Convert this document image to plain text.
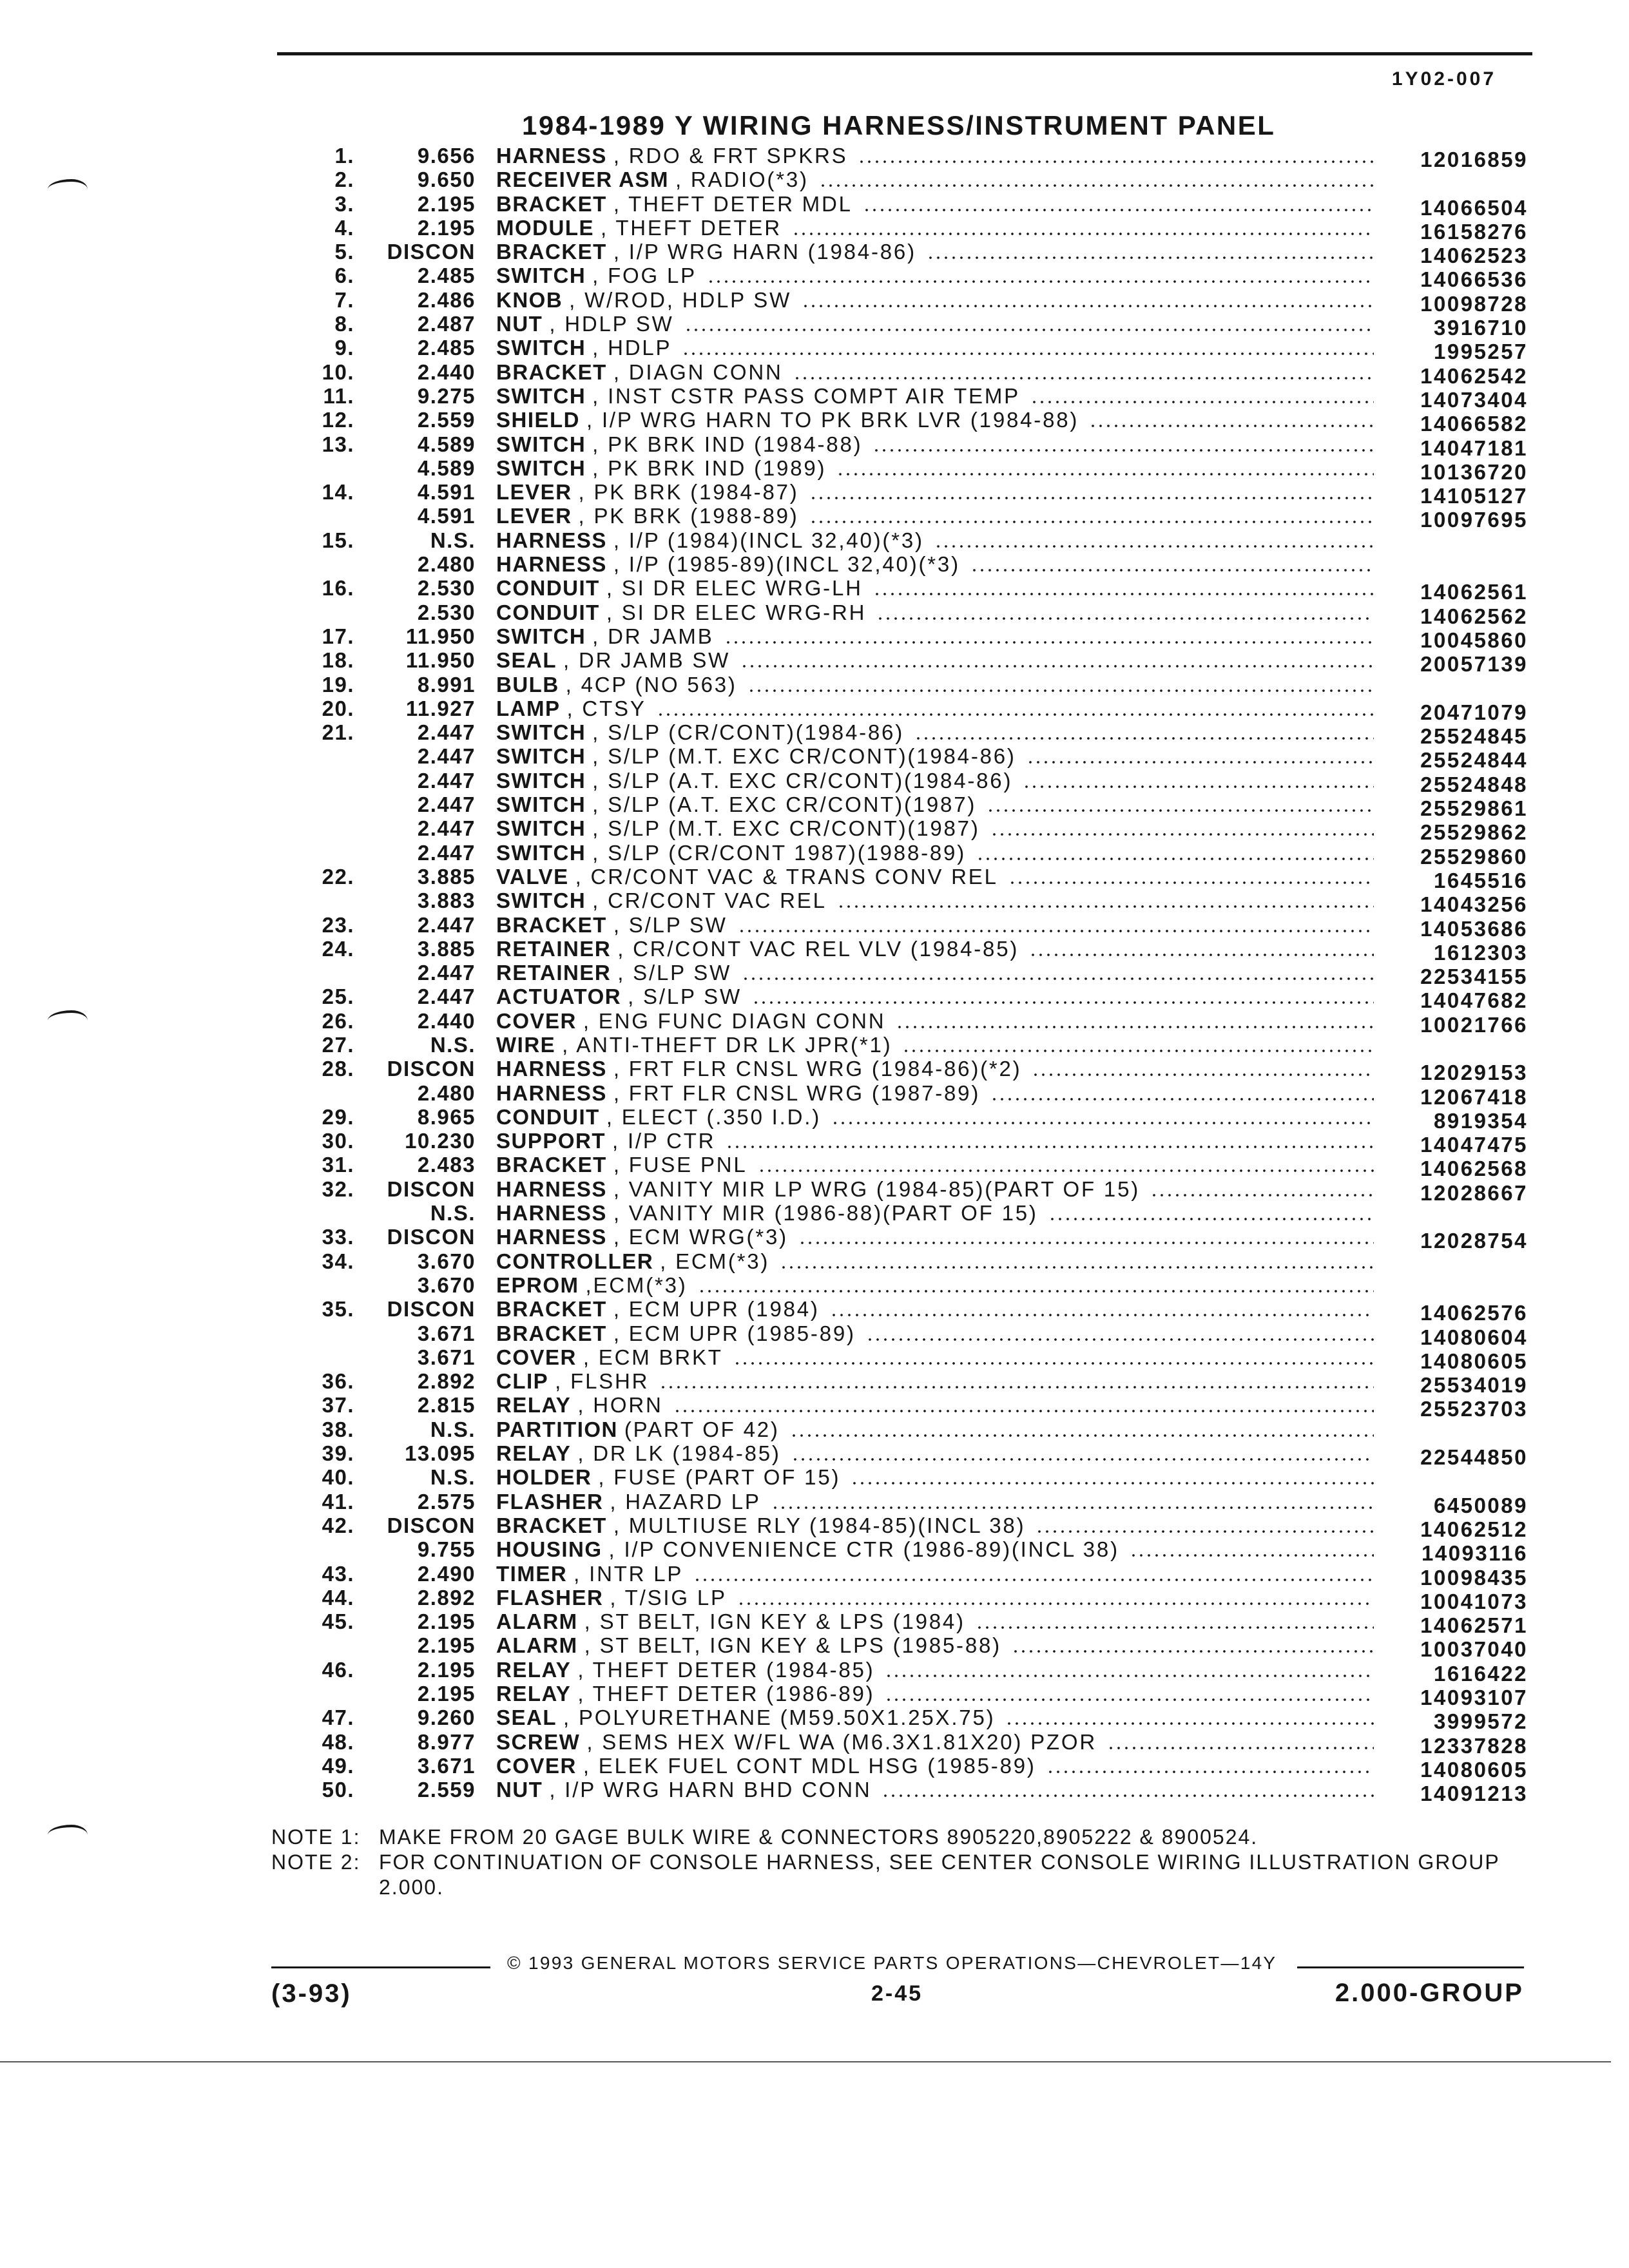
1Y02-007
1984-1989 Y WIRING HARNESS/INSTRUMENT PANEL
1.	9.656 HARNESS , RDO & FRT SPKRS	12016859
2.	9.650 RECEIVER ASM , RADIO(*3)
3.	2.195 BRACKET , THEFT DETER MDL	14066504
4.	2.195 MODULE , THEFT DETER	16158276
5.	DISCON BRACKET , I/P WRG HARN (1984-86)	14062523
6.	2.485 SWITCH , FOG LP	14066536
7.	2.486 KNOB , W/ROD, HDLP SW	10098728
8.	2.487 NUT , HDLP SW	3916710
9.	2.485 SWITCH , HDLP	1995257
10.	2.440 BRACKET , DIAGN CONN	14062542
11.	9.275 SWITCH , INST CSTR PASS COMPT AIR TEMP	14073404
12.	2.559 SHIELD , I/P WRG HARN TO PK BRK LVR (1984-88)	14066582
13.	4.589 SWITCH , PK BRK IND (1984-88)	14047181
4.589 SWITCH , PK BRK IND (1989)	10136720
14.	4.591 LEVER , PK BRK (1984-87)	14105127
4.591 LEVER , PK BRK (1988-89)	10097695
15.	N.S. HARNESS , I/P (1984)(INCL 32,40)(*3)
2.480 HARNESS , I/P (1985-89)(INCL 32,40)(*3)
16.	2.530 CONDUIT , SI DR ELEC WRG-LH	14062561
2.530 CONDUIT , SI DR ELEC WRG-RH	14062562
17.	11.950 SWITCH , DR JAMB	10045860
18.	11.950 SEAL , DR JAMB SW	20057139
19.	8.991 BULB , 4CP (NO 563)
20.	11.927 LAMP , CTSY	20471079
21.	2.447 SWITCH , S/LP (CR/CONT)(1984-86)	25524845
2.447 SWITCH , S/LP (M.T. EXC CR/CONT)(1984-86)	25524844
2.447 SWITCH , S/LP (A.T. EXC CR/CONT)(1984-86)	25524848
2.447 SWITCH , S/LP (A.T. EXC CR/CONT)(1987)	25529861
2.447 SWITCH , S/LP (M.T. EXC CR/CONT)(1987)	25529862
2.447 SWITCH , S/LP (CR/CONT 1987)(1988-89)	25529860
22.	3.885 VALVE , CR/CONT VAC & TRANS CONV REL	1645516
3.883 SWITCH , CR/CONT VAC REL	14043256
23.	2.447 BRACKET , S/LP SW	14053686
24.	3.885 RETAINER , CR/CONT VAC REL VLV (1984-85)	1612303
2.447 RETAINER , S/LP SW	22534155
25.	2.447 ACTUATOR , S/LP SW	14047682
26.	2.440 COVER , ENG FUNC DIAGN CONN	10021766
27.	N.S. WIRE , ANTI-THEFT DR LK JPR(*1)
28.	DISCON HARNESS , FRT FLR CNSL WRG (1984-86)(*2)	12029153
2.480 HARNESS , FRT FLR CNSL WRG (1987-89)	12067418
29.	8.965 CONDUIT , ELECT (.350 I.D.)	8919354
30.	10.230 SUPPORT , I/P CTR	14047475
31.	2.483 BRACKET , FUSE PNL	14062568
32.	DISCON HARNESS , VANITY MIR LP WRG (1984-85)(PART OF 15)	12028667
N.S. HARNESS , VANITY MIR (1986-88)(PART OF 15)
33.	DISCON HARNESS , ECM WRG(*3)	12028754
34.	3.670 CONTROLLER , ECM(*3)
3.670 EPROM ,ECM(*3)
35.	DISCON BRACKET , ECM UPR (1984)	14062576
3.671 BRACKET , ECM UPR (1985-89)	14080604
3.671 COVER , ECM BRKT	14080605
36.	2.892 CLIP , FLSHR	25534019
37.	2.815 RELAY , HORN	25523703
38.	N.S. PARTITION (PART OF 42)
39.	13.095 RELAY , DR LK (1984-85)	22544850
40.	N.S. HOLDER , FUSE (PART OF 15)
41.	2.575 FLASHER , HAZARD LP	6450089
42.	DISCON BRACKET , MULTIUSE RLY (1984-85)(INCL 38)	14062512
9.755 HOUSING , I/P CONVENIENCE CTR (1986-89)(INCL 38)	14093116
43.	2.490 TIMER , INTR LP	10098435
44.	2.892 FLASHER , T/SIG LP	10041073
45.	2.195 ALARM , ST BELT, IGN KEY & LPS (1984)	14062571
2.195 ALARM , ST BELT, IGN KEY & LPS (1985-88)	10037040
46.	2.195 RELAY , THEFT DETER (1984-85)	1616422
2.195 RELAY , THEFT DETER (1986-89)	14093107
47.	9.260 SEAL , POLYURETHANE (M59.50X1.25X.75)	3999572
48.	8.977 SCREW , SEMS HEX W/FL WA (M6.3X1.81X20) PZOR	12337828
49.	3.671 COVER , ELEK FUEL CONT MDL HSG (1985-89)	14080605
50.	2.559 NUT , I/P WRG HARN BHD CONN	14091213
NOTE 1: MAKE FROM 20 GAGE BULK WIRE & CONNECTORS 8905220,8905222 & 8900524.
NOTE 2: FOR CONTINUATION OF CONSOLE HARNESS, SEE CENTER CONSOLE WIRING ILLUSTRATION GROUP 2.000.
© 1993 GENERAL MOTORS SERVICE PARTS OPERATIONS—CHEVROLET—14Y
(3-93)	2-45	2.000-GROUP
